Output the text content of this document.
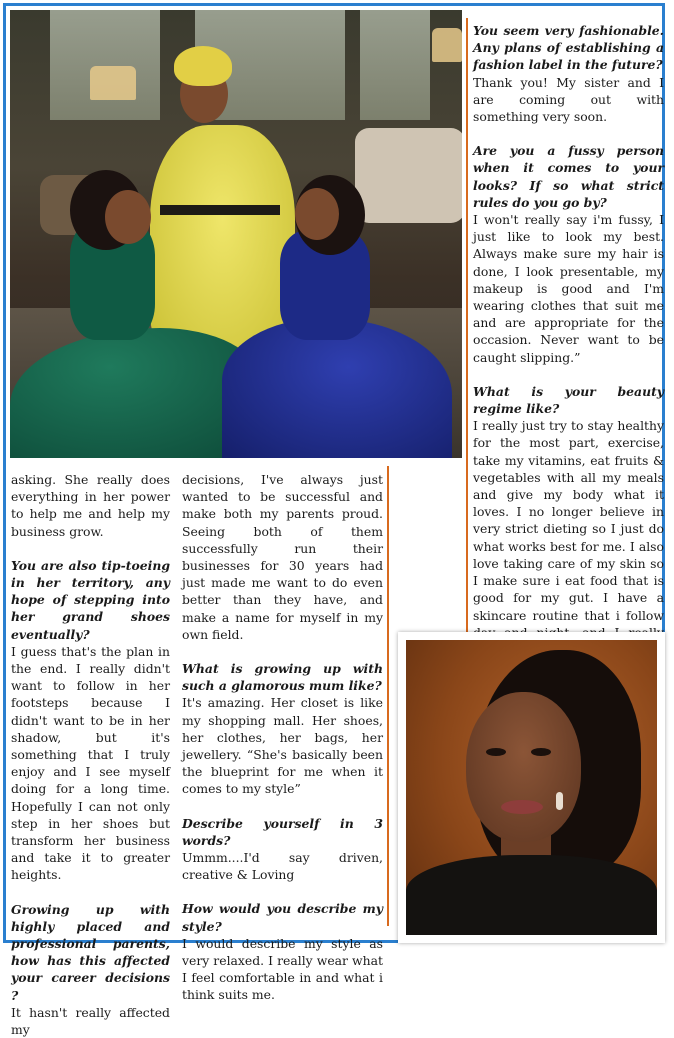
asking. She really does everything in her power to help me and help my business grow.

You are also tip-toeing in her territory, any hope of stepping into her grand shoes eventually?

I guess that's the plan in the end. I really didn't want to follow in her footsteps because I didn't want to be in her shadow, but it's something that I truly enjoy and I see myself doing for a long time. Hopefully I can not only step in her shoes but transform her business and take it to greater heights.

Growing up with highly placed and professional parents, how has this affected your career decisions ?

It hasn't really affected my

decisions, I've always just wanted to be successful and make both my parents proud. Seeing both of them successfully run their businesses for 30 years had just made me want to do even better than they have, and make a name for myself in my own field.

What is growing up with such a glamorous mum like?

It's amazing. Her closet is like my shopping mall. Her shoes, her clothes, her bags, her jewellery. “She's basically been the blueprint for me when it comes to my style”

Describe yourself in 3 words?

Ummm....I'd say driven, creative & Loving

How would you describe my style?

I would describe my style as very relaxed. I really wear what I feel comfortable in and what i think suits me.

You seem very fashionable. Any plans of establishing a fashion label in the future?

Thank you! My sister and I are coming out with something very soon.

Are you a fussy person when it comes to your looks? If so what strict rules do you go by?

I won't really say i'm fussy, I just like to look my best. Always make sure my hair is done, I look presentable, my makeup is good and I'm wearing clothes that suit me and are appropriate for the occasion. Never want to be caught slipping.”

What is your beauty regime like?

I really just try to stay healthy for the most part, exercise, take my vitamins, eat fruits & vegetables with all my meals and give my body what it loves. I no longer believe in very strict dieting so I just do what works best for me. I also love taking care of my skin so I make sure i eat food that is good for my gut. I have a skincare routine that i follow
